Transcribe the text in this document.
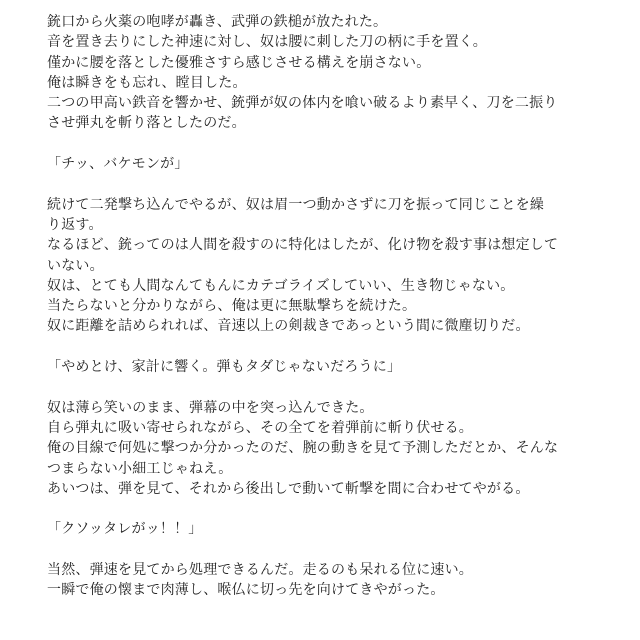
銃口から火薬の咆哮が轟き、武弾の鉄槌が放たれた。
音を置き去りにした神速に対し、奴は腰に刺した刀の柄に手を置く。
僅かに腰を落とした優雅さすら感じさせる構えを崩さない。
俺は瞬きをも忘れ、瞠目した。
二つの甲高い鉄音を響かせ、銃弾が奴の体内を喰い破るより素早く、刀を二振り
させ弾丸を斬り落としたのだ。
「チッ、バケモンが」
続けて二発撃ち込んでやるが、奴は眉一つ動かさずに刀を振って同じことを繰
り返す。
なるほど、銃ってのは人間を殺すのに特化はしたが、化け物を殺す事は想定して
いない。
奴は、とても人間なんてもんにカテゴライズしていい、生き物じゃない。
当たらないと分かりながら、俺は更に無駄撃ちを続けた。
奴に距離を詰められれば、音速以上の剣裁きであっという間に微塵切りだ。
「やめとけ、家計に響く。弾もタダじゃないだろうに」
奴は薄ら笑いのまま、弾幕の中を突っ込んできた。
自ら弾丸に吸い寄せられながら、その全てを着弾前に斬り伏せる。
俺の目線で何処に撃つか分かったのだ、腕の動きを見て予測しただとか、そんな
つまらない小細工じゃねえ。
あいつは、弾を見て、それから後出しで動いて斬撃を間に合わせてやがる。
「クソッタレがッ！！」
当然、弾速を見てから処理できるんだ。走るのも呆れる位に速い。
一瞬で俺の懐まで肉薄し、喉仏に切っ先を向けてきやがった。
